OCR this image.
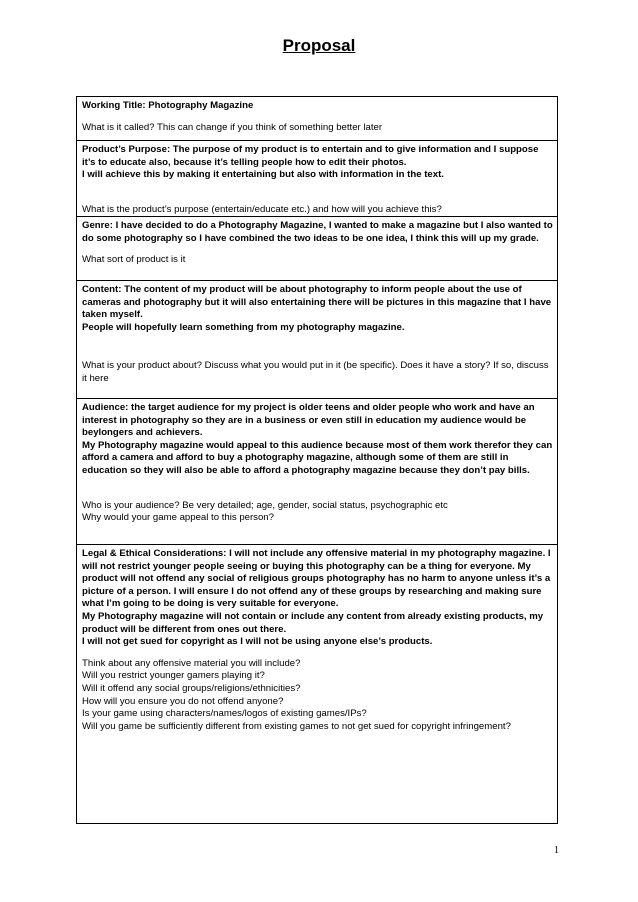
Proposal
Working Title: Photography Magazine
What is it called? This can change if you think of something better later
Product’s Purpose: The purpose of my product is to entertain and to give information and I suppose it’s to educate also, because it’s telling people how to edit their photos.
I will achieve this by making it entertaining but also with information in the text.
What is the product’s purpose (entertain/educate etc.) and how will you achieve this?
Genre: I have decided to do a Photography Magazine, I wanted to make a magazine but I also wanted to do some photography so I have combined the two ideas to be one idea, I think this will up my grade.
What sort of product is it
Content: The content of my product will be about photography to inform people about the use of cameras and photography but it will also entertaining there will be pictures in this magazine that I have taken myself.
People will hopefully learn something from my photography magazine.
What is your product about? Discuss what you would put in it (be specific). Does it have a story? If so, discuss it here
Audience: the target audience for my project is older teens and older people who work and have an interest in photography so they are in a business or even still in education my audience would be beylongers and achievers.
My Photography magazine would appeal to this audience because most of them work therefor they can afford a camera and afford to buy a photography magazine, although some of them are still in education so they will also be able to afford a photography magazine because they don’t pay bills.
Who is your audience? Be very detailed; age, gender, social status, psychographic etc
Why would your game appeal to this person?
Legal & Ethical Considerations: I will not include any offensive material in my photography magazine. I will not restrict younger people seeing or buying this photography can be a thing for everyone. My product will not offend any social of religious groups photography has no harm to anyone unless it’s a picture of a person. I will ensure I do not offend any of these groups by researching and making sure what I’m going to be doing is very suitable for everyone.
My Photography magazine will not contain or include any content from already existing products, my product will be different from ones out there.
I will not get sued for copyright as I will not be using anyone else’s products.
Think about any offensive material you will include?
Will you restrict younger gamers playing it?
Will it offend any social groups/religions/ethnicities?
How will you ensure you do not offend anyone?
Is your game using characters/names/logos of existing games/IPs?
Will you game be sufficiently different from existing games to not get sued for copyright infringement?
1
